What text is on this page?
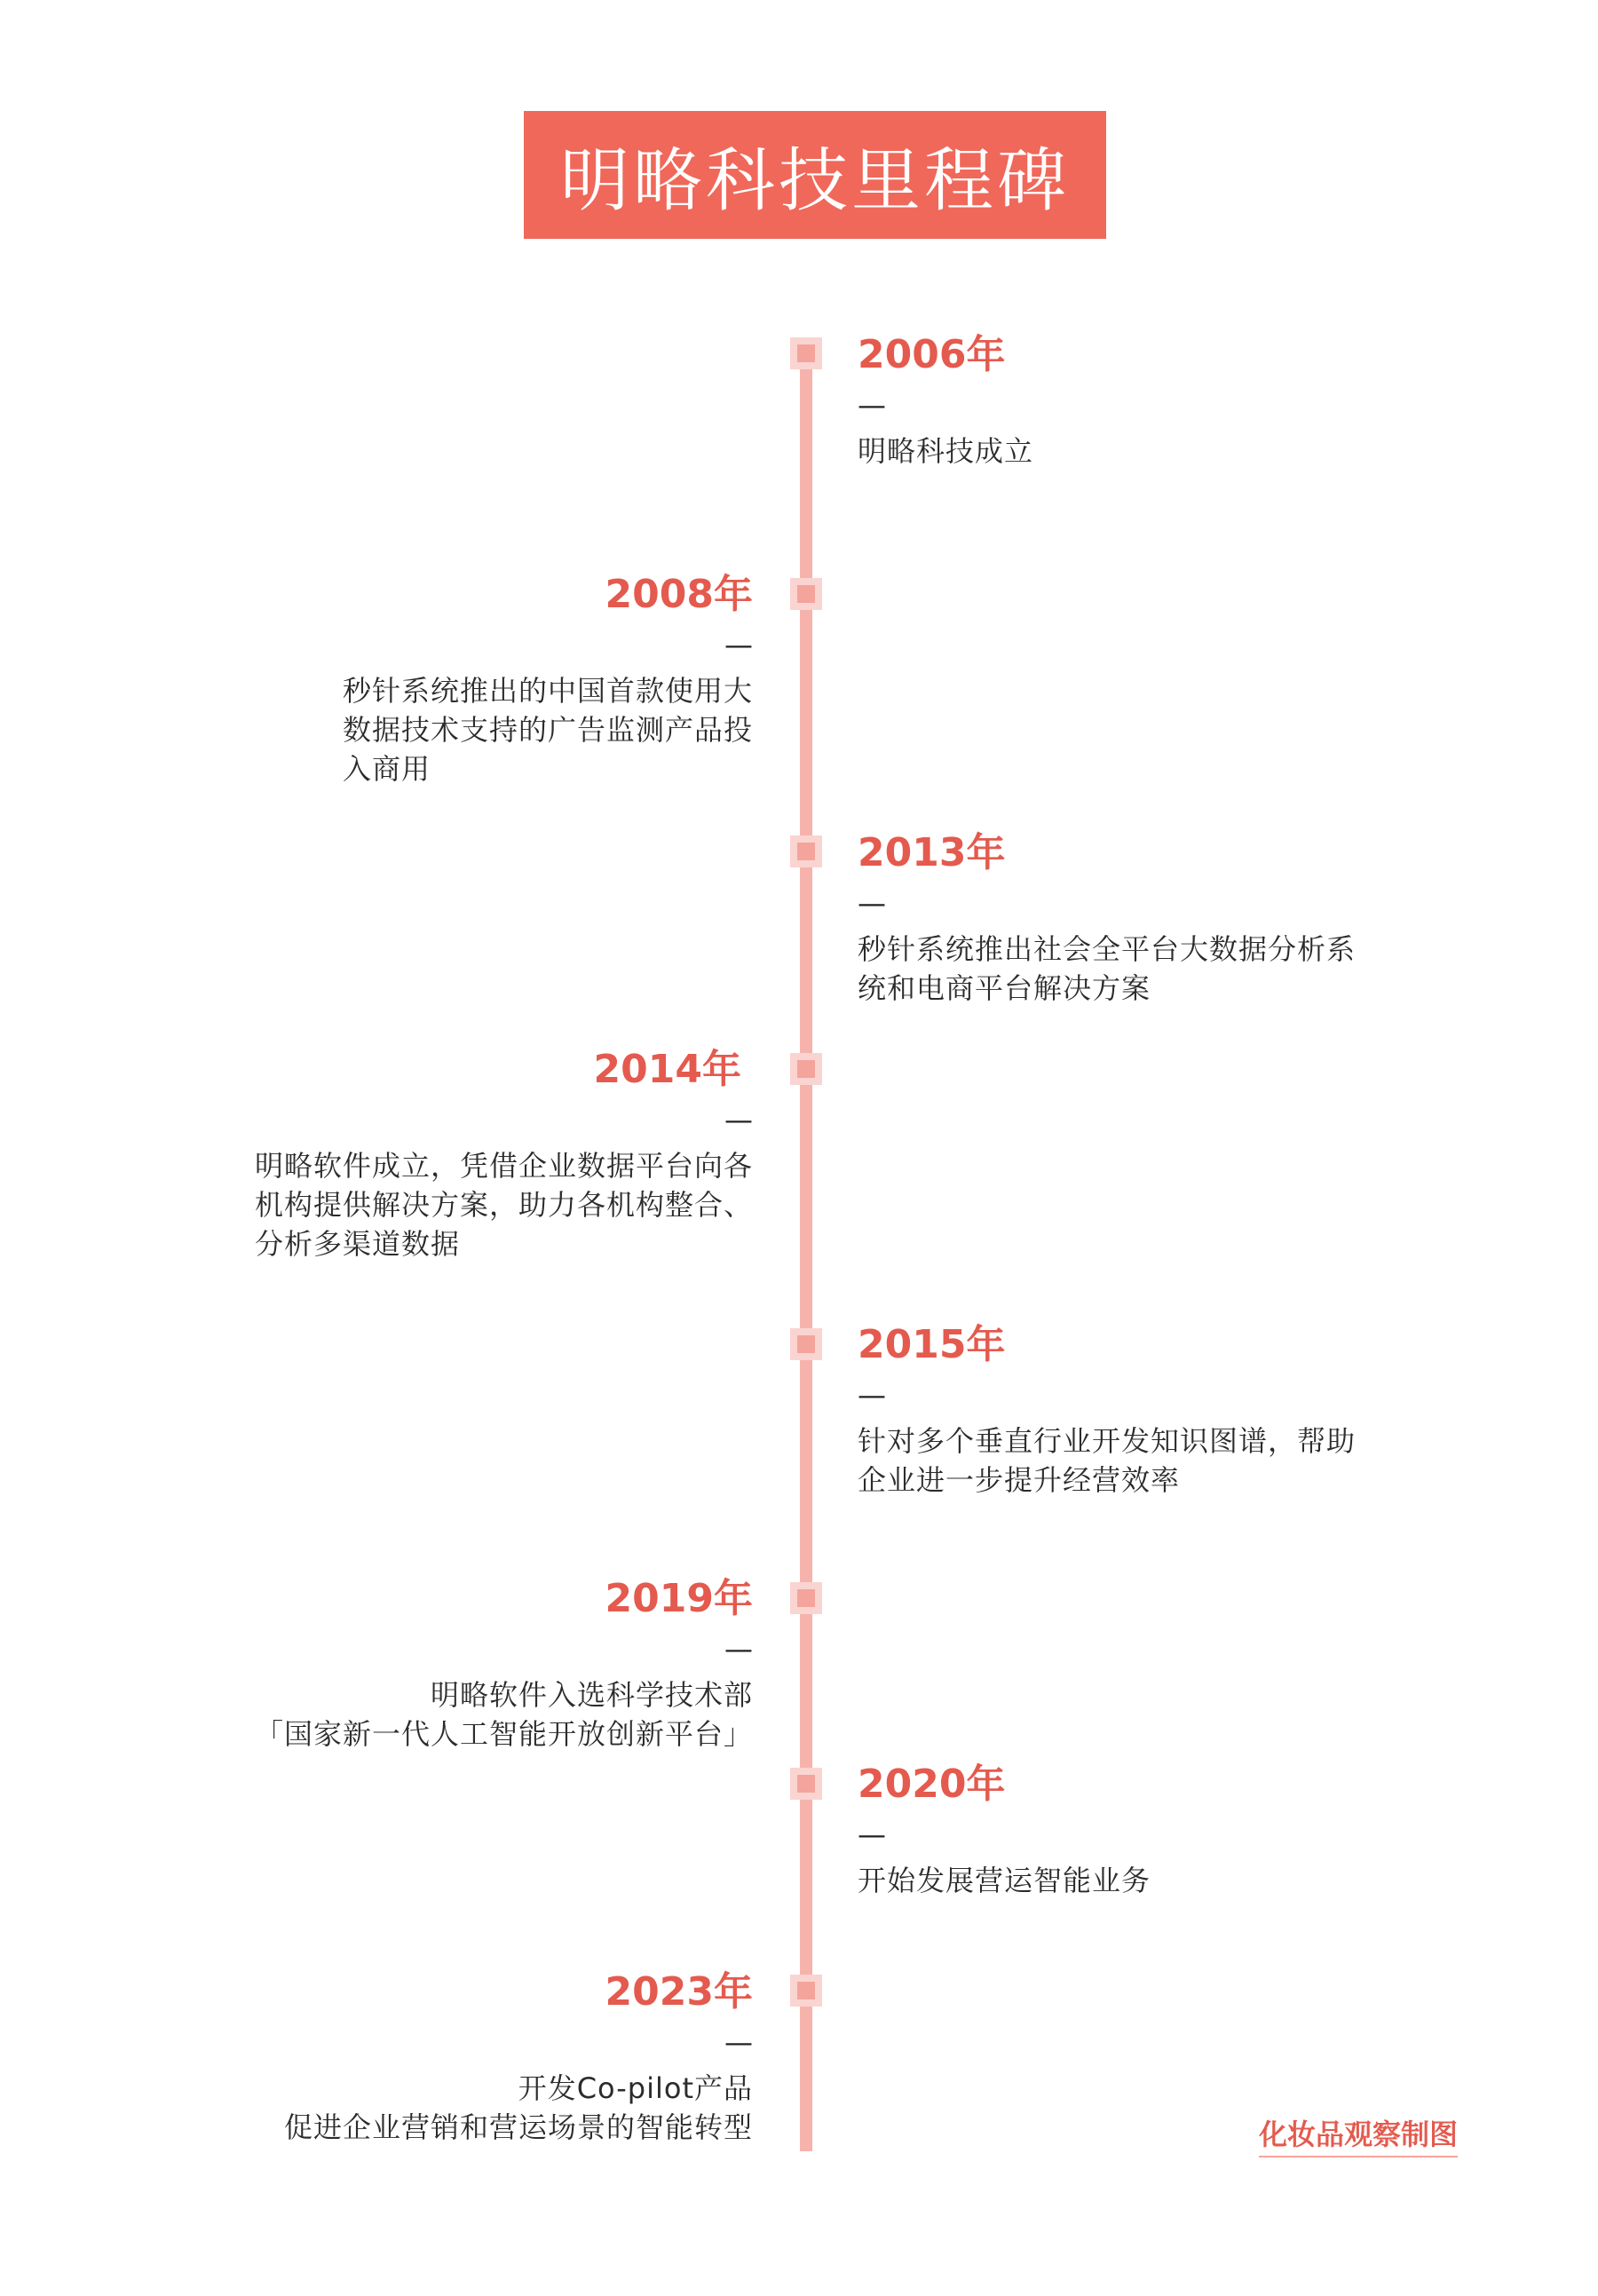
明略科技里程碑
2006年
—
明略科技成立
2008年
—
秒针系统推出的中国首款使用大
数据技术支持的广告监测产品投
入商用
2013年
—
秒针系统推出社会全平台大数据分析系
统和电商平台解决方案
2014年
—
明略软件成立，凭借企业数据平台向各
机构提供解决方案，助力各机构整合、
分析多渠道数据
2015年
—
针对多个垂直行业开发知识图谱，帮助
企业进一步提升经营效率
2019年
—
明略软件入选科学技术部
「国家新一代人工智能开放创新平台」
2020年
—
开始发展营运智能业务
2023年
—
开发Co-pilot产品
促进企业营销和营运场景的智能转型	化妆品观察制图
